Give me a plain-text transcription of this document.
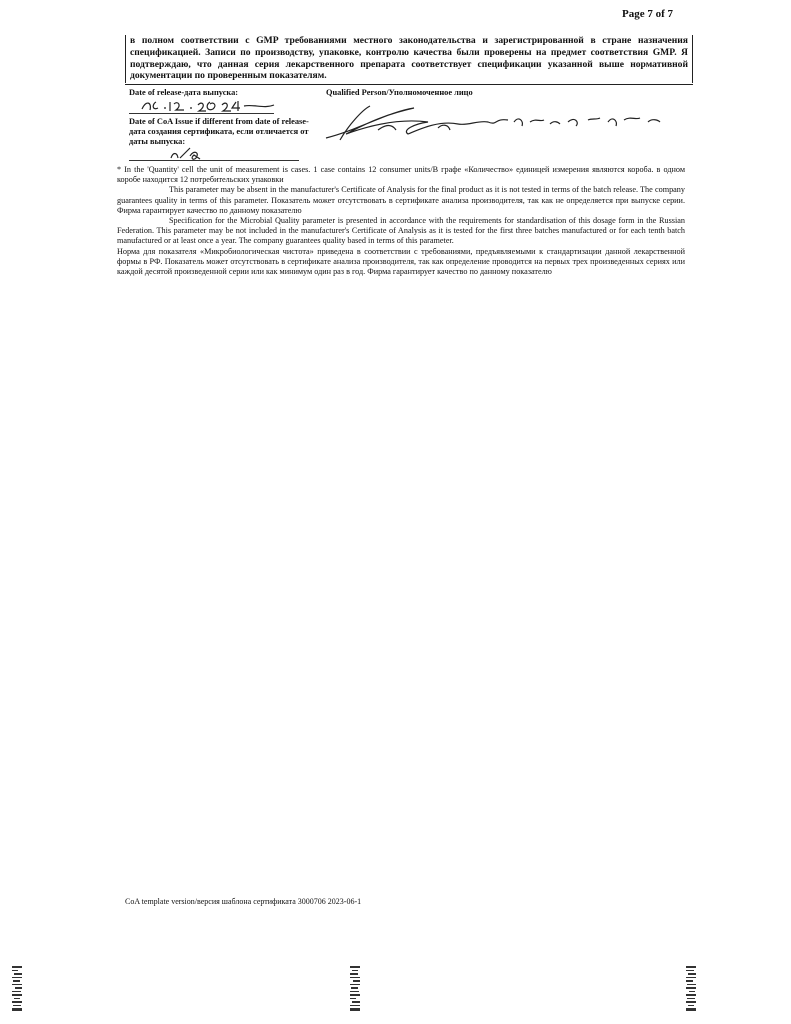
Page 7 of 7
в полном соответствии с GMP требованиями местного законодательства и зарегистрированной в стране назначения спецификацией. Записи по производству, упаковке, контролю качества были проверены на предмет соответствия GMP. Я подтверждаю, что данная серия лекарственного препарата соответствует спецификации указанной выше нормативной документации по проверенным показателям.
Date of release-дата выпуска:
Date of CoA Issue if different from date of release-дата создания сертификата, если отличается от даты выпуска:
Qualified Person/Уполномоченное лицо

* In the 'Quantity' cell the unit of measurement is cases. 1 case contains 12 consumer units/В графе «Количество» единицей измерения являются короба. в одном коробе находится 12 потребительских упаковки

This parameter may be absent in the manufacturer's Certificate of Analysis for the final product as it is not tested in terms of the batch release. The company guarantees quality in terms of this parameter. Показатель может отсутствовать в сертификате анализа производителя, так как не определяется при выпуске серии. Фирма гарантирует качество по данному показателю

Specification for the Microbial Quality parameter is presented in accordance with the requirements for standardisation of this dosage form in the Russian Federation. This parameter may be not included in the manufacturer's Certificate of Analysis as it is tested for the first three batches manufactured or for each tenth batch manufactured or at least once a year. The company guarantees quality based in terms of this parameter.

Норма для показателя «Микробиологическая чистота» приведена в соответствии с требованиями, предъявляемыми к стандартизации данной лекарственной формы в РФ. Показатель может отсутствовать в сертификате анализа производителя, так как определение проводится на первых трех произведенных сериях или каждой десятой произведенной серии или как минимум один раз в год. Фирма гарантирует качество по данному показателю

CoA template version/версия шаблона сертификата 3000706 2023-06-1
